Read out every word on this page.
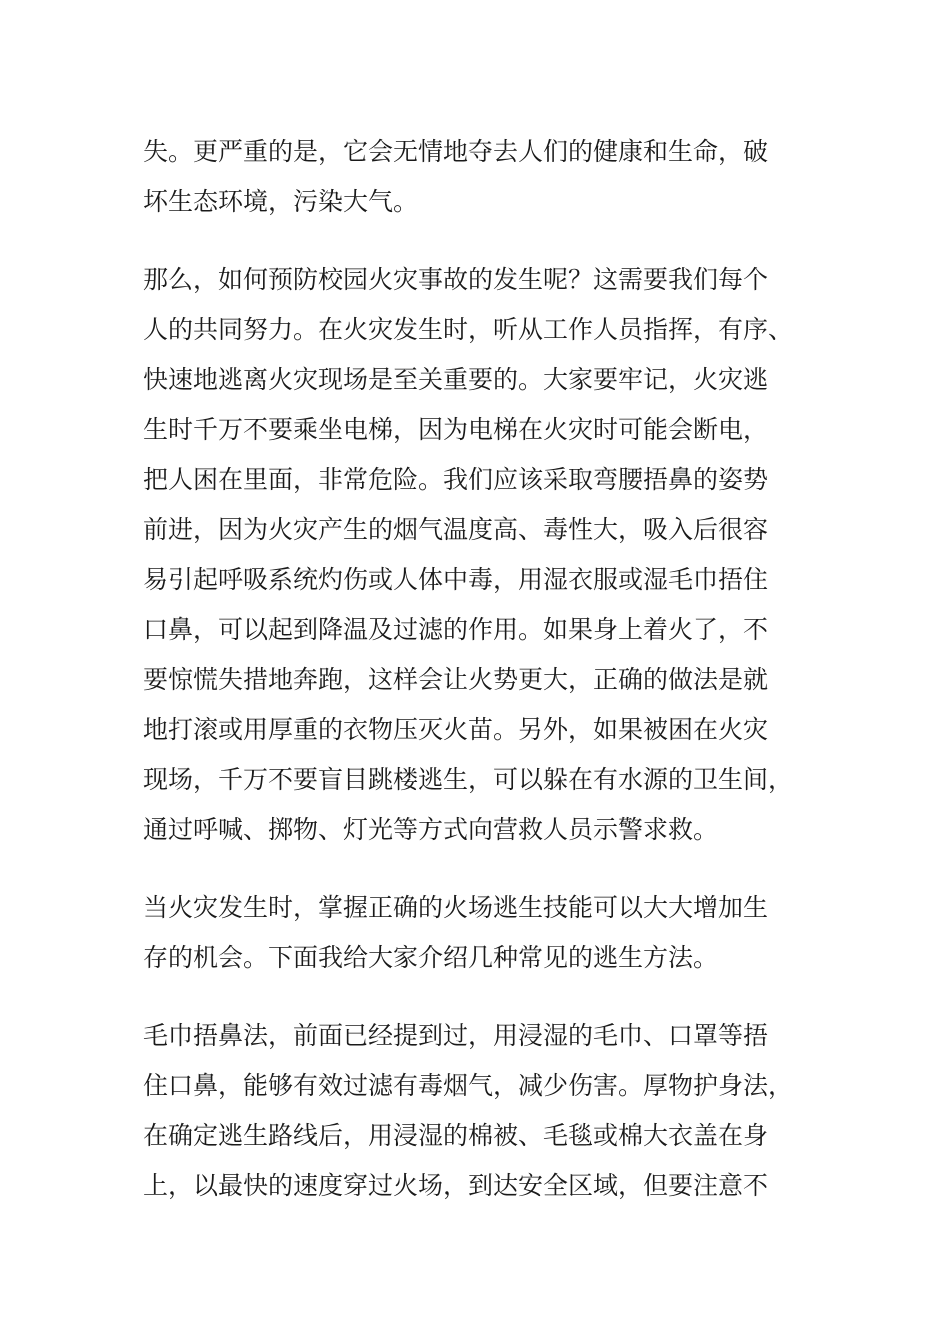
失。更严重的是，它会无情地夺去人们的健康和生命，破
坏生态环境，污染大气。
那么，如何预防校园火灾事故的发生呢？这需要我们每个
人的共同努力。在火灾发生时，听从工作人员指挥，有序、
快速地逃离火灾现场是至关重要的。大家要牢记，火灾逃
生时千万不要乘坐电梯，因为电梯在火灾时可能会断电，
把人困在里面，非常危险。我们应该采取弯腰捂鼻的姿势
前进，因为火灾产生的烟气温度高、毒性大，吸入后很容
易引起呼吸系统灼伤或人体中毒，用湿衣服或湿毛巾捂住
口鼻，可以起到降温及过滤的作用。如果身上着火了，不
要惊慌失措地奔跑，这样会让火势更大，正确的做法是就
地打滚或用厚重的衣物压灭火苗。另外，如果被困在火灾
现场，千万不要盲目跳楼逃生，可以躲在有水源的卫生间，
通过呼喊、掷物、灯光等方式向营救人员示警求救。
当火灾发生时，掌握正确的火场逃生技能可以大大增加生
存的机会。下面我给大家介绍几种常见的逃生方法。
毛巾捂鼻法，前面已经提到过，用浸湿的毛巾、口罩等捂
住口鼻，能够有效过滤有毒烟气，减少伤害。厚物护身法，
在确定逃生路线后，用浸湿的棉被、毛毯或棉大衣盖在身
上，以最快的速度穿过火场，到达安全区域，但要注意不
